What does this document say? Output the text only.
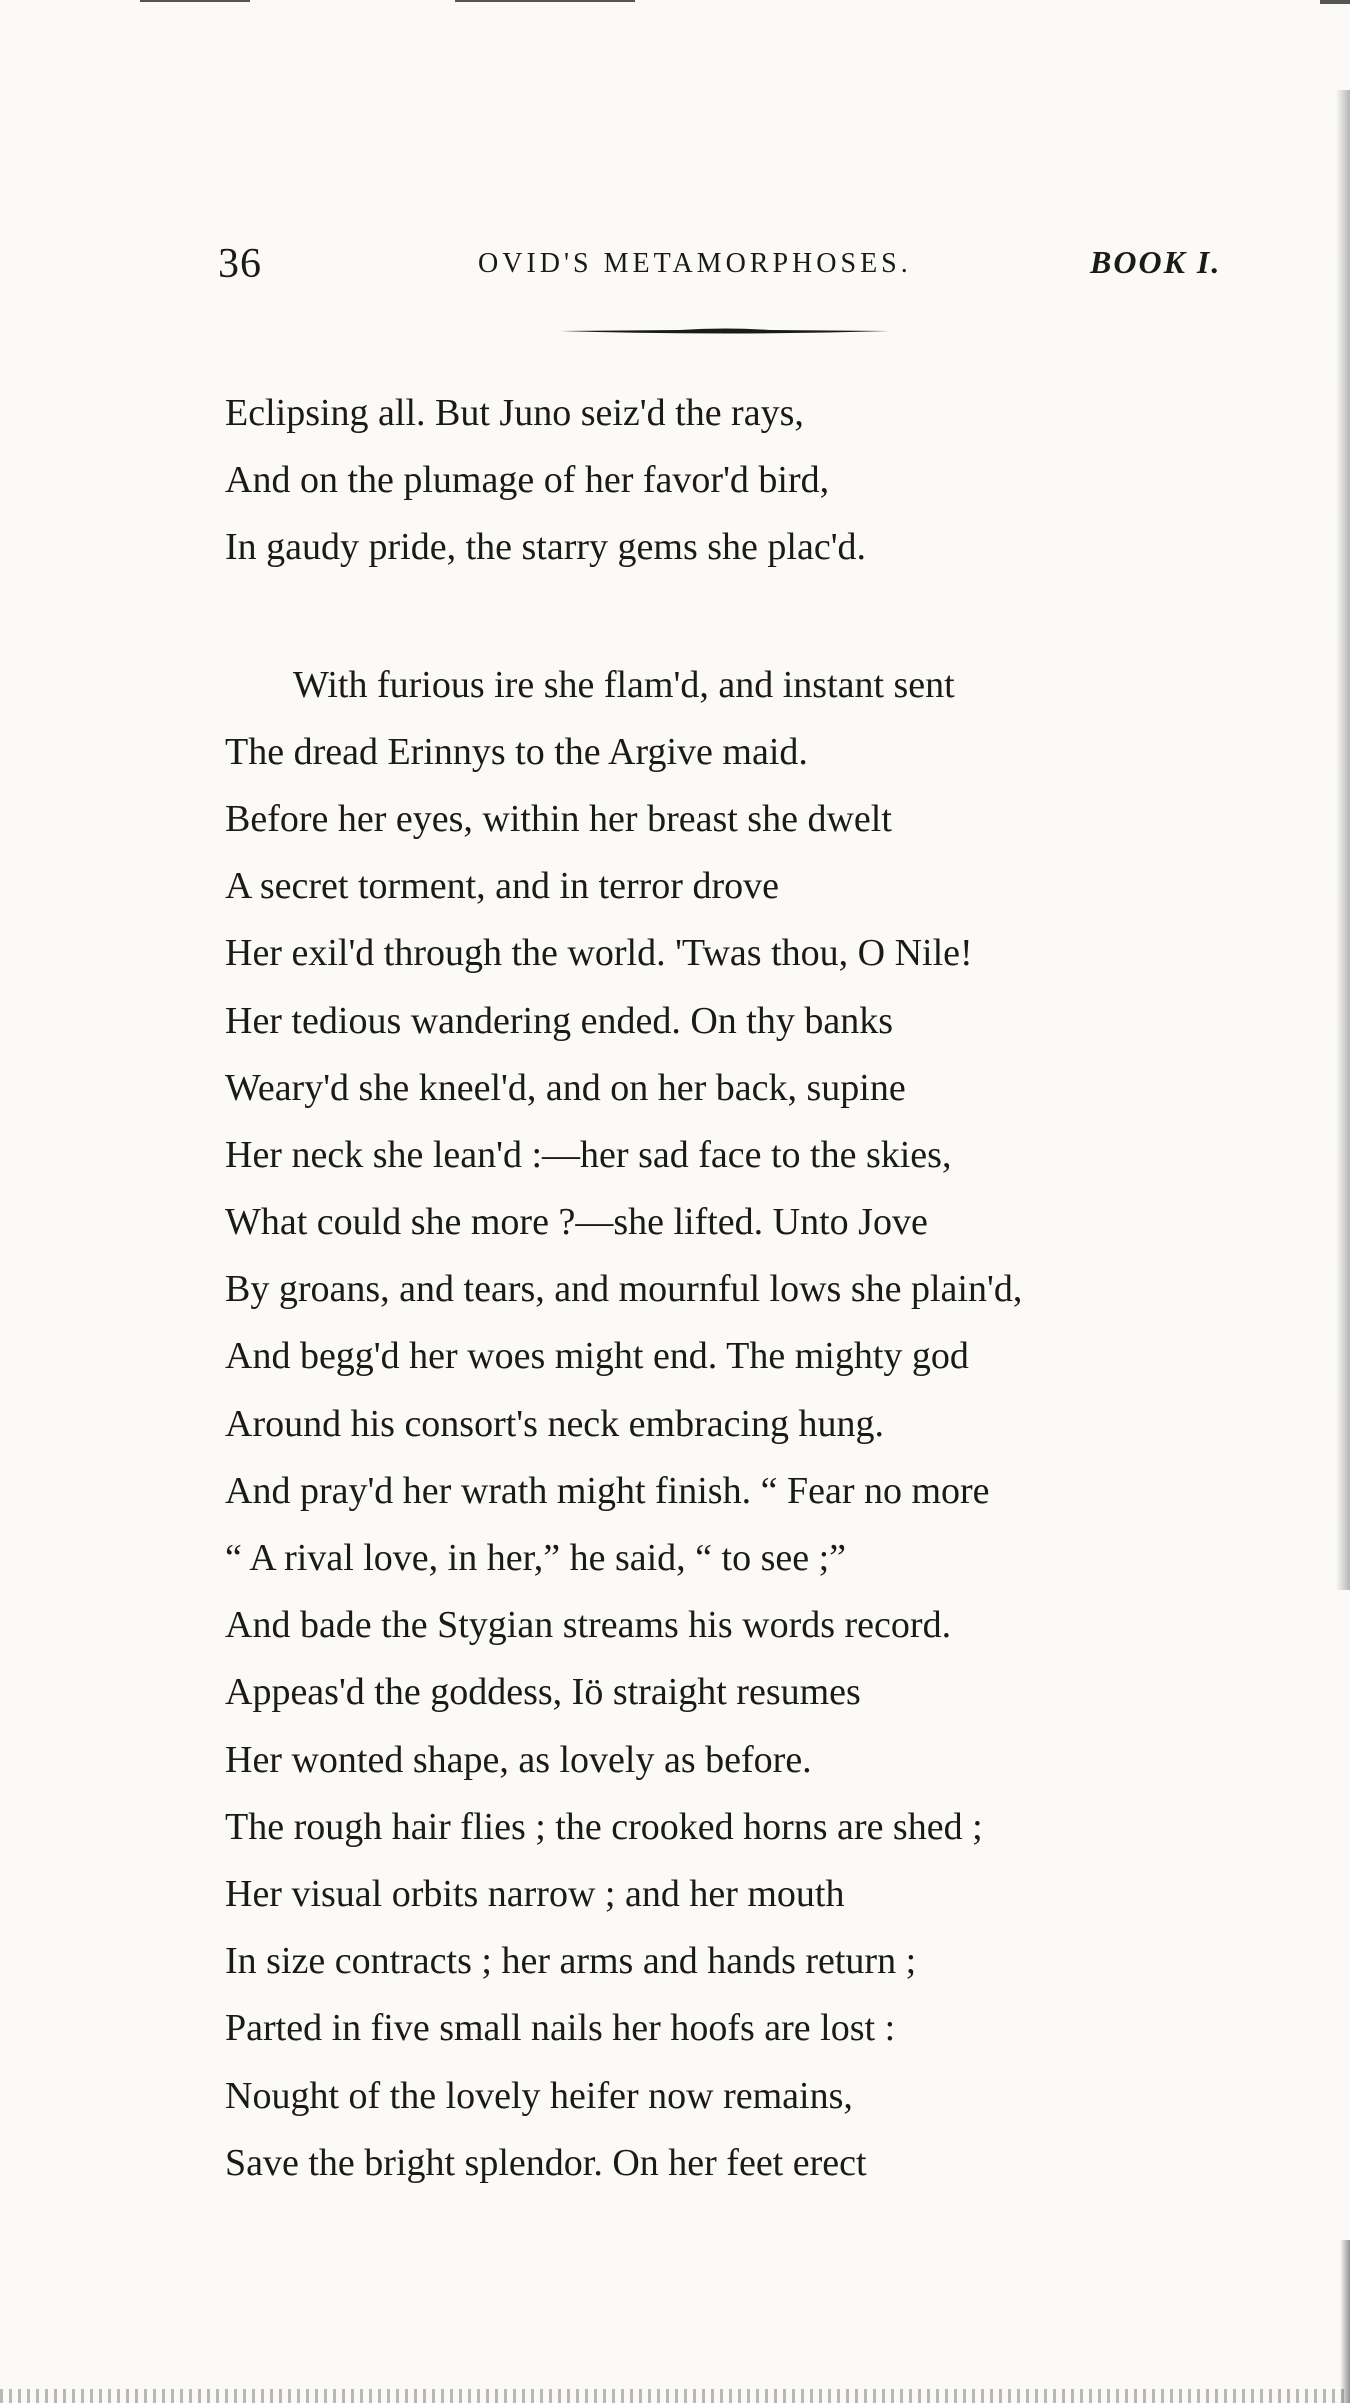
36	OVID'S METAMORPHOSES.	BOOK I.
Eclipsing all. But Juno seiz'd the rays,
And on the plumage of her favor'd bird,
In gaudy pride, the starry gems she plac'd.
With furious ire she flam'd, and instant sent
The dread Erinnys to the Argive maid.
Before her eyes, within her breast she dwelt
A secret torment, and in terror drove
Her exil'd through the world. 'Twas thou, O Nile!
Her tedious wandering ended. On thy banks
Weary'd she kneel'd, and on her back, supine
Her neck she lean'd :—her sad face to the skies,
What could she more ?—she lifted. Unto Jove
By groans, and tears, and mournful lows she plain'd,
And begg'd her woes might end. The mighty god
Around his consort's neck embracing hung.
And pray'd her wrath might finish. “ Fear no more
“ A rival love, in her,” he said, “ to see ;”
And bade the Stygian streams his words record.
Appeas'd the goddess, Iö straight resumes
Her wonted shape, as lovely as before.
The rough hair flies ; the crooked horns are shed ;
Her visual orbits narrow ; and her mouth
In size contracts ; her arms and hands return ;
Parted in five small nails her hoofs are lost :
Nought of the lovely heifer now remains,
Save the bright splendor. On her feet erect
